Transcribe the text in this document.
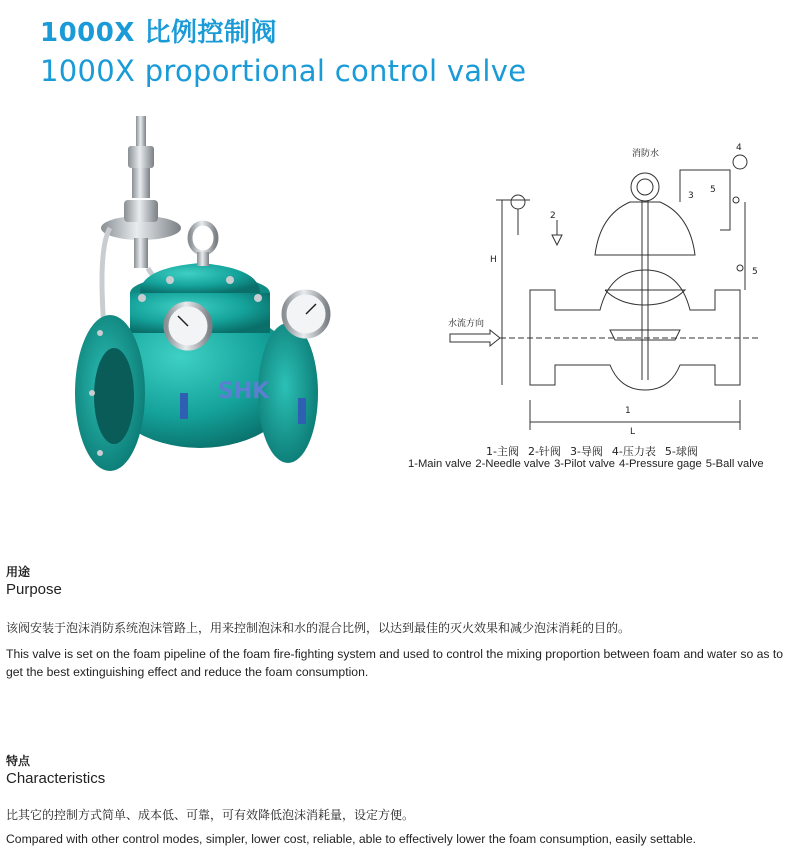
1000X 比例控制阀
1000X proportional control valve
SHK
消防水
水流方向
H
L
1
2
3
4
5
5
1-主阀 2-针阀 3-导阀 4-压力表 5-球阀
1-Main valve 2-Needle valve 3-Pilot valve 4-Pressure gage 5-Ball valve
用途
Purpose
该阀安装于泡沫消防系统泡沫管路上，用来控制泡沫和水的混合比例，以达到最佳的灭火效果和减少泡沫消耗的目的。
This valve is set on the foam pipeline of the foam fire-fighting system and used to control the mixing proportion between foam and water so as to get the best extinguishing effect and reduce the foam consumption.
特点
Characteristics
比其它的控制方式简单、成本低、可靠，可有效降低泡沫消耗量，设定方便。
Compared with other control modes, simpler, lower cost, reliable, able to effectively lower the foam consumption, easily settable.
